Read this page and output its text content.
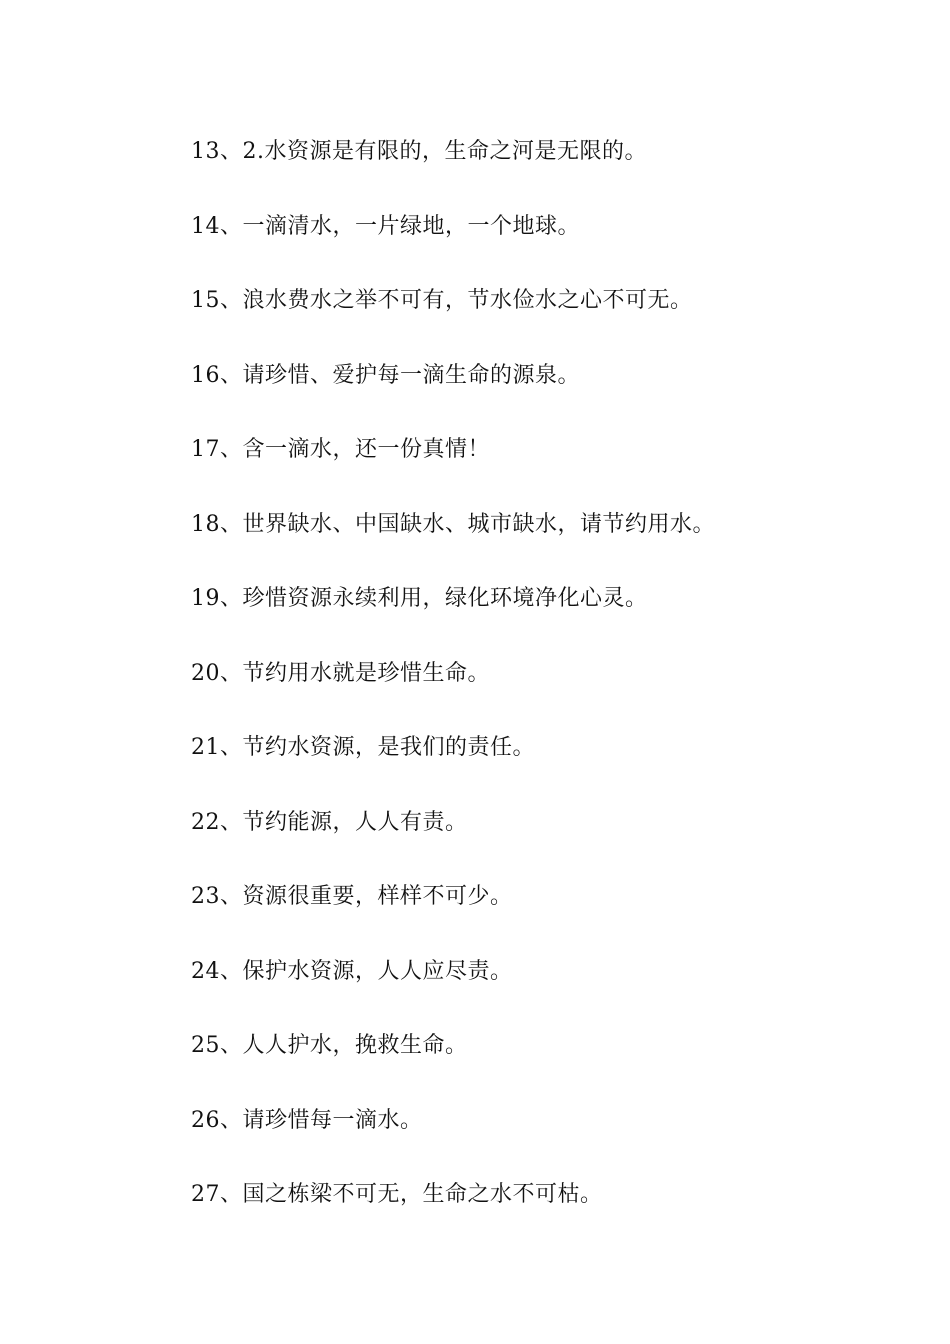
13、2.水资源是有限的，生命之河是无限的。
14、一滴清水，一片绿地，一个地球。
15、浪水费水之举不可有，节水俭水之心不可无。
16、请珍惜、爱护每一滴生命的源泉。
17、含一滴水，还一份真情！
18、世界缺水、中国缺水、城市缺水，请节约用水。
19、珍惜资源永续利用，绿化环境净化心灵。
20、节约用水就是珍惜生命。
21、节约水资源，是我们的责任。
22、节约能源，人人有责。
23、资源很重要，样样不可少。
24、保护水资源，人人应尽责。
25、人人护水，挽救生命。
26、请珍惜每一滴水。
27、国之栋梁不可无，生命之水不可枯。
